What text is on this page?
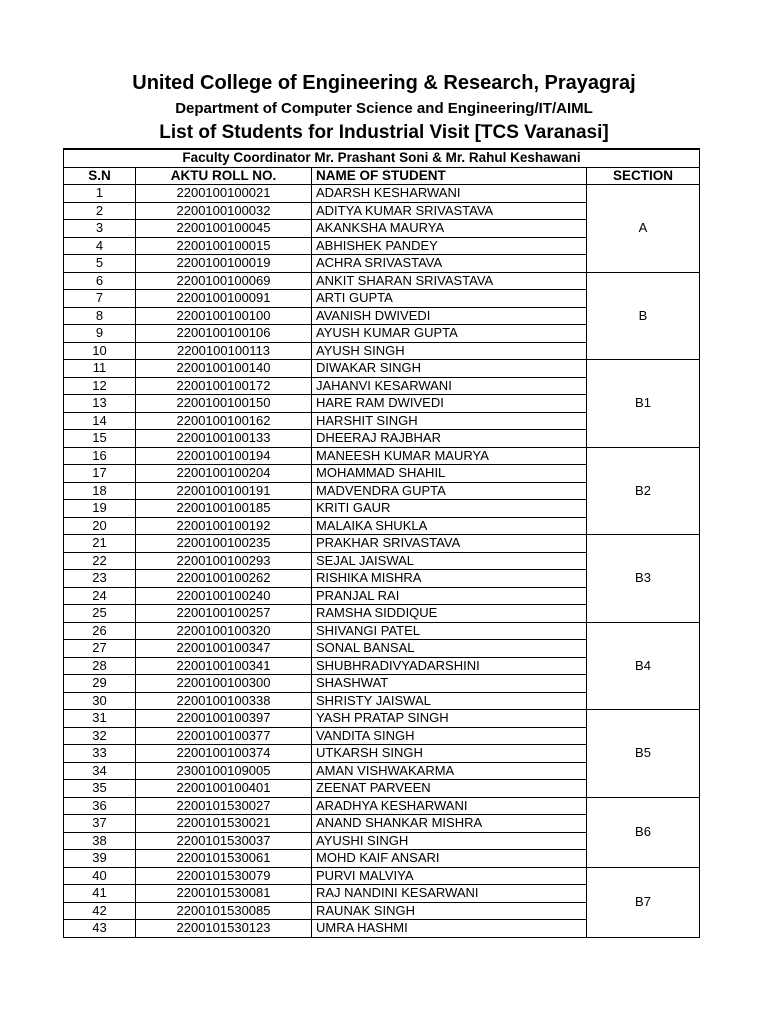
United College of Engineering & Research, Prayagraj
Department of Computer Science and Engineering/IT/AIML
List of Students for Industrial Visit [TCS Varanasi]
Faculty Coordinator Mr. Prashant Soni & Mr. Rahul Keshawani			
S.N	AKTU ROLL NO.	NAME OF STUDENT	SECTION
1	2200100100021	ADARSH KESHARWANI	A
2	2200100100032	ADITYA KUMAR SRIVASTAVA	
3	2200100100045	AKANKSHA MAURYA	
4	2200100100015	ABHISHEK PANDEY	
5	2200100100019	ACHRA SRIVASTAVA	
6	2200100100069	ANKIT SHARAN SRIVASTAVA	B
7	2200100100091	ARTI GUPTA	
8	2200100100100	AVANISH DWIVEDI	
9	2200100100106	AYUSH KUMAR GUPTA	
10	2200100100113	AYUSH SINGH	
11	2200100100140	DIWAKAR SINGH	B1
12	2200100100172	JAHANVI KESARWANI	
13	2200100100150	HARE RAM DWIVEDI	
14	2200100100162	HARSHIT SINGH	
15	2200100100133	DHEERAJ RAJBHAR	
16	2200100100194	MANEESH KUMAR MAURYA	B2
17	2200100100204	MOHAMMAD SHAHIL	
18	2200100100191	MADVENDRA GUPTA	
19	2200100100185	KRITI GAUR	
20	2200100100192	MALAIKA SHUKLA	
21	2200100100235	PRAKHAR SRIVASTAVA	B3
22	2200100100293	SEJAL JAISWAL	
23	2200100100262	RISHIKA MISHRA	
24	2200100100240	PRANJAL RAI	
25	2200100100257	RAMSHA SIDDIQUE	
26	2200100100320	SHIVANGI PATEL	B4
27	2200100100347	SONAL BANSAL	
28	2200100100341	SHUBHRADIVYADARSHINI	
29	2200100100300	SHASHWAT	
30	2200100100338	SHRISTY JAISWAL	
31	2200100100397	YASH PRATAP SINGH	B5
32	2200100100377	VANDITA SINGH	
33	2200100100374	UTKARSH SINGH	
34	2300100109005	AMAN VISHWAKARMA	
35	2200100100401	ZEENAT PARVEEN	
36	2200101530027	ARADHYA KESHARWANI	B6
37	2200101530021	ANAND SHANKAR MISHRA	
38	2200101530037	AYUSHI SINGH	
39	2200101530061	MOHD KAIF ANSARI	
40	2200101530079	PURVI MALVIYA	B7
41	2200101530081	RAJ NANDINI KESARWANI	
42	2200101530085	RAUNAK SINGH	
43	2200101530123	UMRA HASHMI	
